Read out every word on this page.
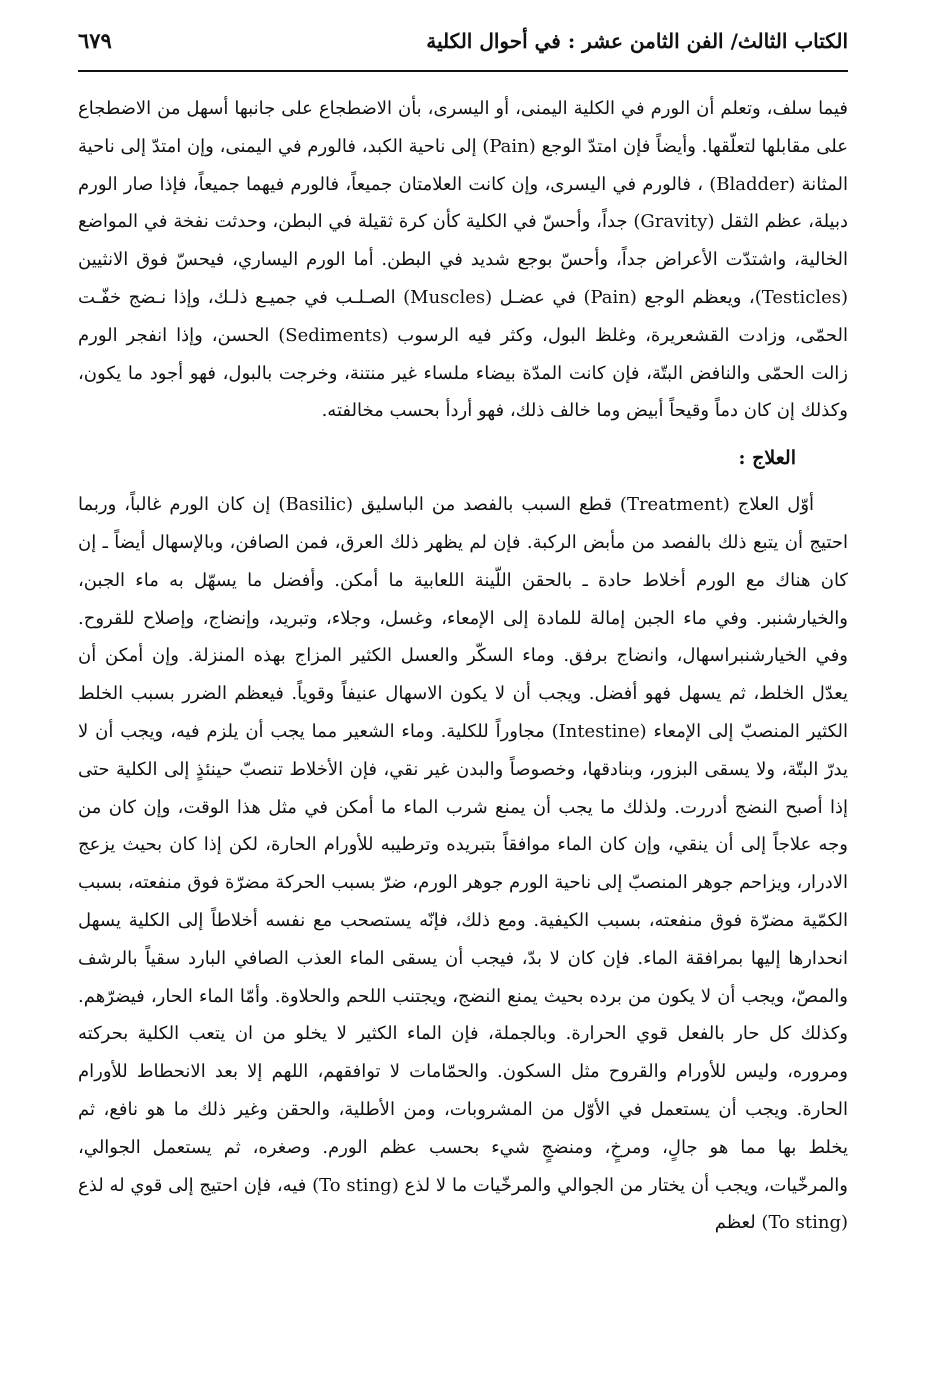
الكتاب الثالث/ الفن الثامن عشر : في أحوال الكلية
٦٧٩

فيما سلف، وتعلم أن الورم في الكلية اليمنى، أو اليسرى، بأن الاضطجاع على جانبها أسهل من الاضطجاع على مقابلها لتعلّقها. وأيضاً فإن امتدّ الوجع (Pain) إلى ناحية الكبد، فالورم في اليمنى، وإن امتدّ إلى ناحية المثانة (Bladder) ، فالورم في اليسرى، وإن كانت العلامتان جميعاً، فالورم فيهما جميعاً، فإذا صار الورم دبيلة، عظم الثقل (Gravity) جداً، وأحسّ في الكلية كأن كرة ثقيلة في البطن، وحدثت نفخة في المواضع الخالية، واشتدّت الأعراض جداً، وأحسّ بوجع شديد في البطن. أما الورم اليساري، فيحسّ فوق الانثيين (Testicles)، ويعظم الوجع (Pain) في عضـل (Muscles) الصـلـب في جميـع ذلـك، وإذا نـضج خفّـت الحمّى، وزادت القشعريرة، وغلظ البول، وكثر فيه الرسوب (Sediments) الحسن، وإذا انفجر الورم زالت الحمّى والنافض البتّة، فإن كانت المدّة بيضاء ملساء غير منتنة، وخرجت بالبول، فهو أجود ما يكون، وكذلك إن كان دماً وقيحاً أبيض وما خالف ذلك، فهو أردأ بحسب مخالفته.

العلاج :

أوّل العلاج (Treatment) قطع السبب بالفصد من الباسليق (Basilic) إن كان الورم غالباً، وربما احتيج أن يتبع ذلك بالفصد من مأبض الركبة. فإن لم يظهر ذلك العرق، فمن الصافن، وبالإسهال أيضاً ـ إن كان هناك مع الورم أخلاط حادة ـ بالحقن اللّينة اللعابية ما أمكن. وأفضل ما يسهّل به ماء الجبن، والخيارشنبر. وفي ماء الجبن إمالة للمادة إلى الإمعاء، وغسل، وجلاء، وتبريد، وإنضاج، وإصلاح للقروح. وفي الخيارشنبراسهال، وانضاج برفق. وماء السكّر والعسل الكثير المزاج بهذه المنزلة. وإن أمكن أن يعدّل الخلط، ثم يسهل فهو أفضل. ويجب أن لا يكون الاسهال عنيفاً وقوياً. فيعظم الضرر بسبب الخلط الكثير المنصبّ إلى الإمعاء (Intestine) مجاوراً للكلية. وماء الشعير مما يجب أن يلزم فيه، ويجب أن لا يدرّ البتّة، ولا يسقى البزور، وبنادقها، وخصوصاً والبدن غير نقي، فإن الأخلاط تنصبّ حينئذٍ إلى الكلية حتى إذا أصبح النضج أدررت. ولذلك ما يجب أن يمنع شرب الماء ما أمكن في مثل هذا الوقت، وإن كان من وجه علاجاً إلى أن ينقي، وإن كان الماء موافقاً بتبريده وترطيبه للأورام الحارة، لكن إذا كان بحيث يزعج الادرار، ويزاحم جوهر المنصبّ إلى ناحية الورم جوهر الورم، ضرّ بسبب الحركة مضرّة فوق منفعته، بسبب الكمّية مضرّة فوق منفعته، بسبب الكيفية. ومع ذلك، فإنّه يستصحب مع نفسه أخلاطاً إلى الكلية يسهل انحدارها إليها بمرافقة الماء. فإن كان لا بدّ، فيجب أن يسقى الماء العذب الصافي البارد سقياً بالرشف والمصّ، ويجب أن لا يكون من برده بحيث يمنع النضج، ويجتنب اللحم والحلاوة. وأمّا الماء الحار، فيضرّهم. وكذلك كل حار بالفعل قوي الحرارة. وبالجملة، فإن الماء الكثير لا يخلو من ان يتعب الكلية بحركته ومروره، وليس للأورام والقروح مثل السكون. والحمّامات لا توافقهم، اللهم إلا بعد الانحطاط للأورام الحارة. ويجب أن يستعمل في الأوّل من المشروبات، ومن الأطلية، والحقن وغير ذلك ما هو نافع، ثم يخلط بها مما هو جالٍ، ومرخٍ، ومنضجٍ شيء بحسب عظم الورم. وصغره، ثم يستعمل الجوالي، والمرخّيات، ويجب أن يختار من الجوالي والمرخّيات ما لا لذع (To sting) فيه، فإن احتيج إلى قوي له لذع (To sting) لعظم
